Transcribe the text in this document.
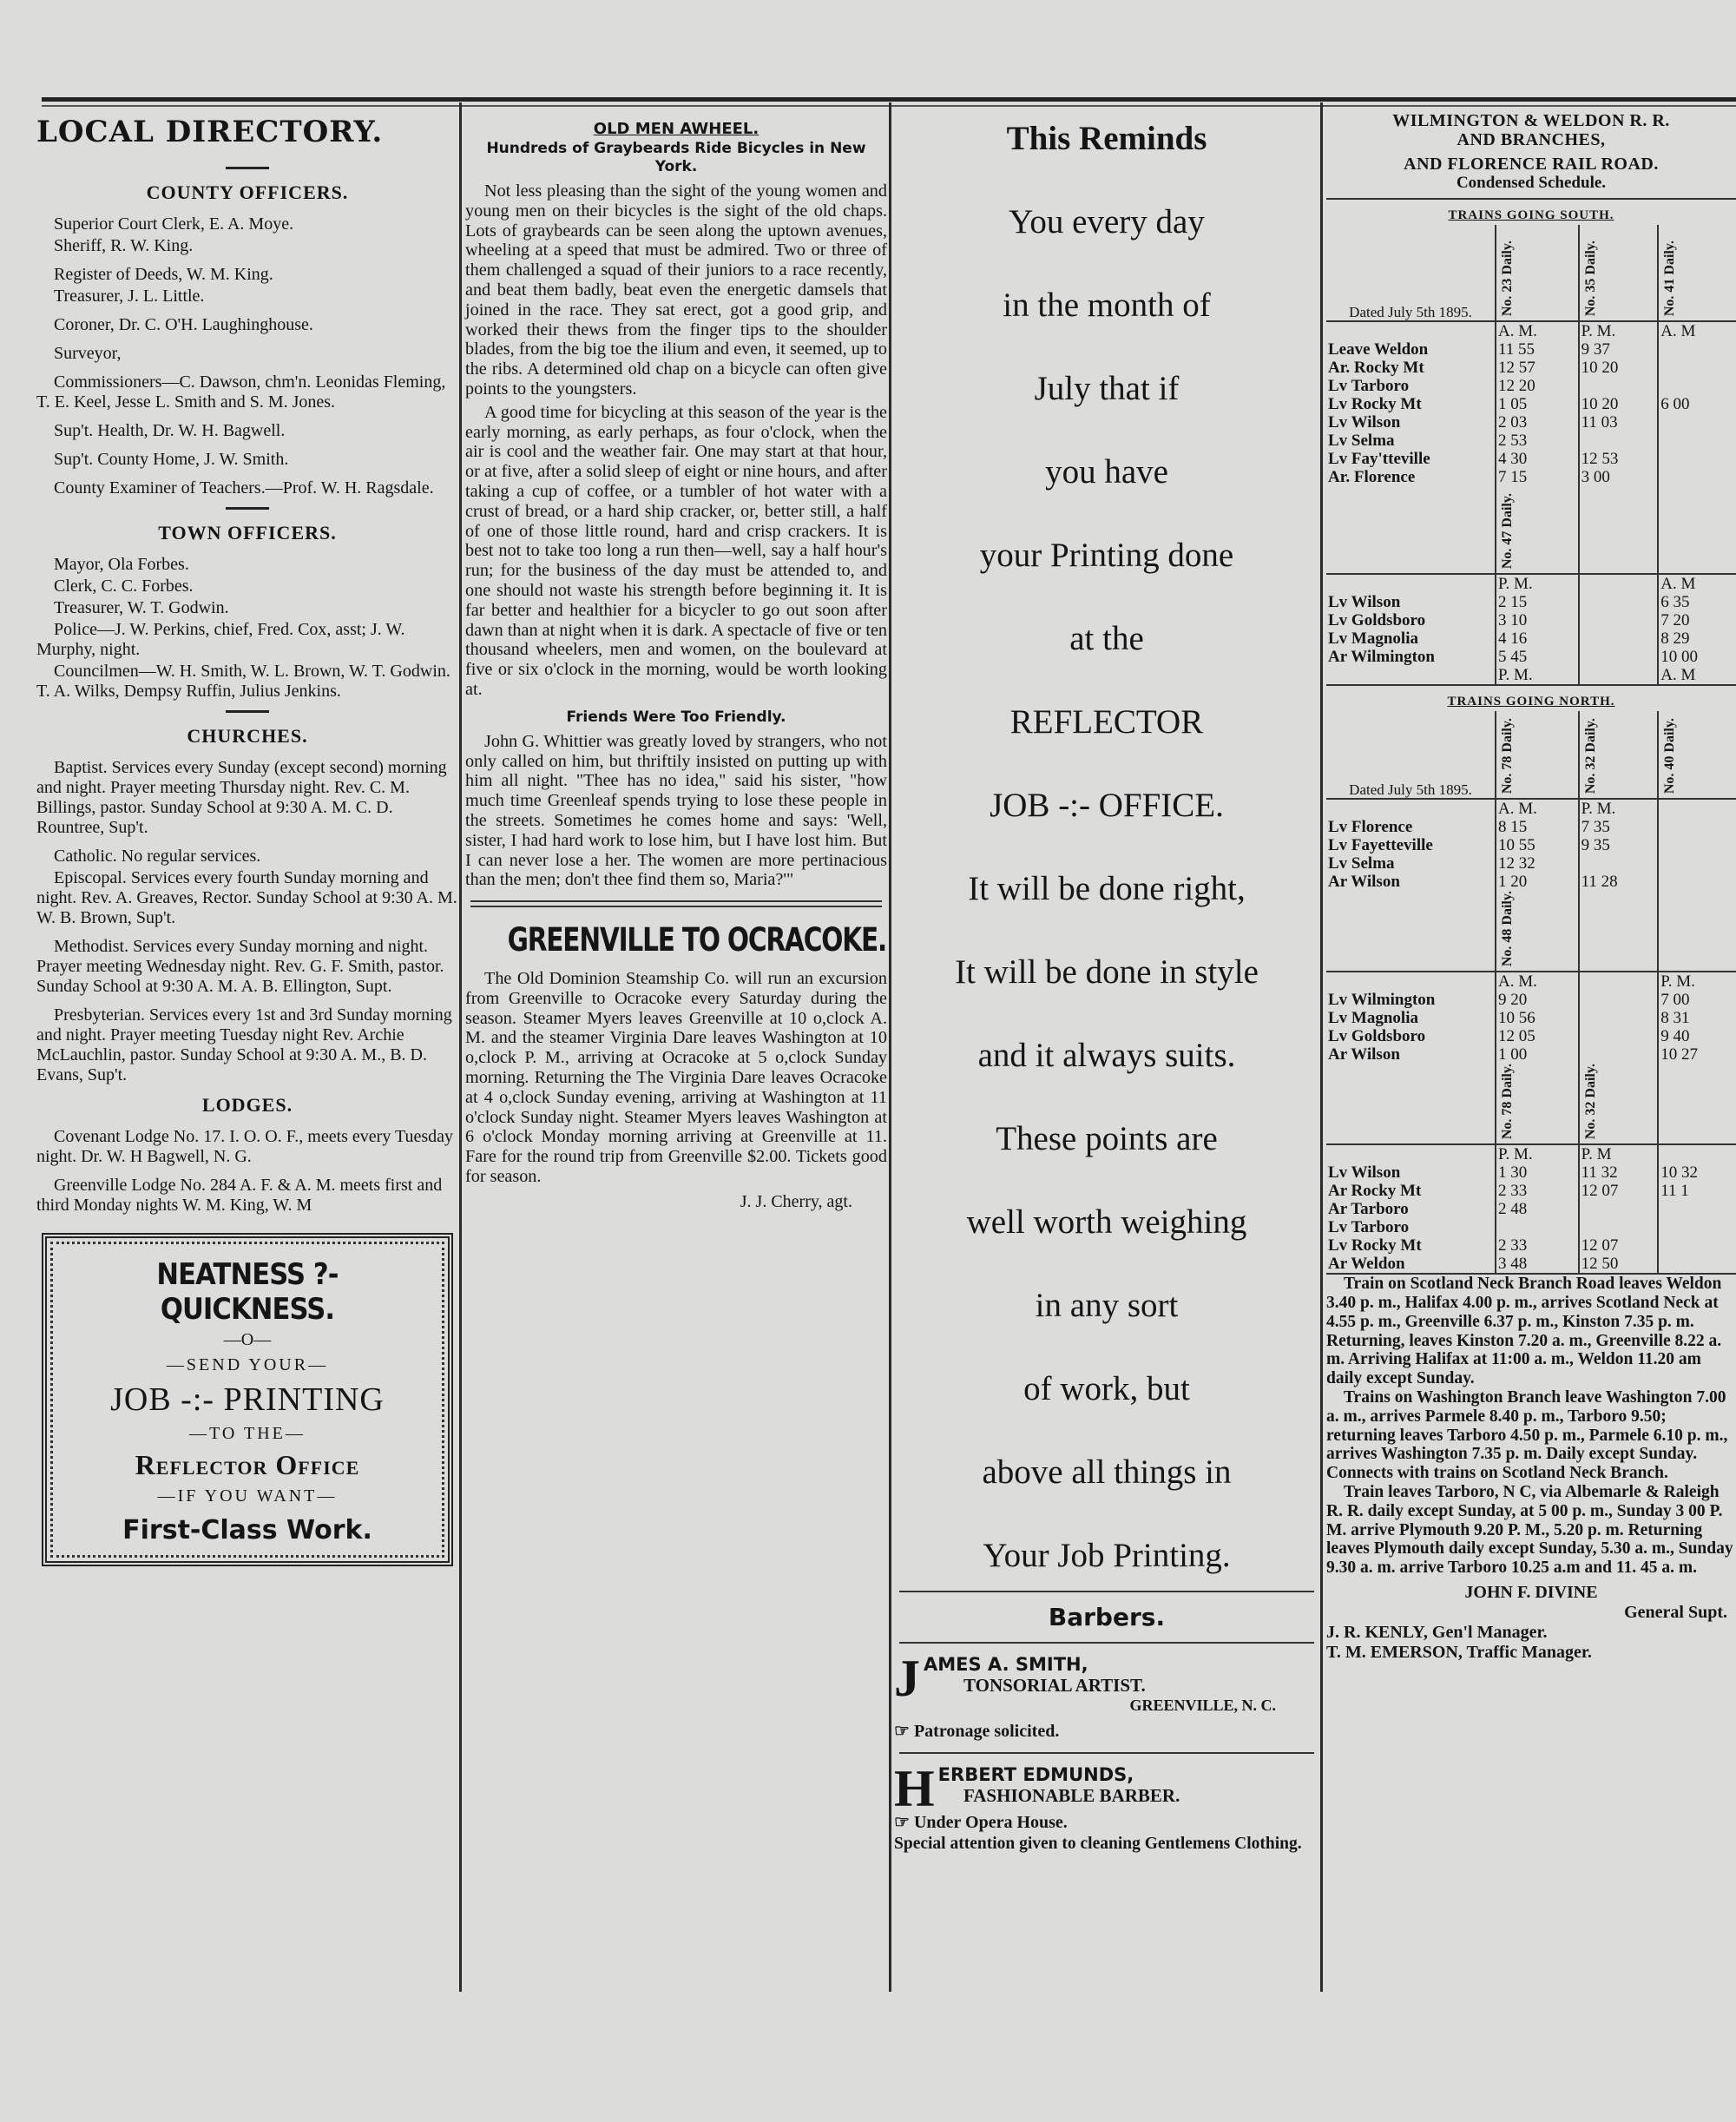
LOCAL DIRECTORY.
COUNTY OFFICERS.

Superior Court Clerk, E. A. Moye.

Sheriff, R. W. King.

Register of Deeds, W. M. King.

Treasurer, J. L. Little.

Coroner, Dr. C. O'H. Laughinghouse.

Surveyor,

Commissioners—C. Dawson, chm'n. Leonidas Fleming, T. E. Keel, Jesse L. Smith and S. M. Jones.

Sup't. Health, Dr. W. H. Bagwell.

Sup't. County Home, J. W. Smith.

County Examiner of Teachers.—Prof. W. H. Ragsdale.

TOWN OFFICERS.

Mayor, Ola Forbes.

Clerk, C. C. Forbes.

Treasurer, W. T. Godwin.

Police—J. W. Perkins, chief, Fred. Cox, asst; J. W. Murphy, night.

Councilmen—W. H. Smith, W. L. Brown, W. T. Godwin. T. A. Wilks, Dempsy Ruffin, Julius Jenkins.

CHURCHES.

Baptist. Services every Sunday (except second) morning and night. Prayer meeting Thursday night. Rev. C. M. Billings, pastor. Sunday School at 9:30 A. M. C. D. Rountree, Sup't.

Catholic. No regular services.

Episcopal. Services every fourth Sunday morning and night. Rev. A. Greaves, Rector. Sunday School at 9:30 A. M. W. B. Brown, Sup't.

Methodist. Services every Sunday morning and night. Prayer meeting Wednesday night. Rev. G. F. Smith, pastor. Sunday School at 9:30 A. M. A. B. Ellington, Supt.

Presbyterian. Services every 1st and 3rd Sunday morning and night. Prayer meeting Tuesday night Rev. Archie McLauchlin, pastor. Sunday School at 9:30 A. M., B. D. Evans, Sup't.

LODGES.

Covenant Lodge No. 17. I. O. O. F., meets every Tuesday night. Dr. W. H Bagwell, N. G.

Greenville Lodge No. 284 A. F. & A. M. meets first and third Monday nights W. M. King, W. M

NEATNESS ?-QUICKNESS.
—O—
—SEND YOUR—
JOB -:- PRINTING
—TO THE—
Reflector Office
—IF YOU WANT—
First-Class Work.
OLD MEN AWHEEL.
Hundreds of Graybeards Ride Bicycles in New York.

Not less pleasing than the sight of the young women and young men on their bicycles is the sight of the old chaps. Lots of graybeards can be seen along the uptown avenues, wheeling at a speed that must be admired. Two or three of them challenged a squad of their juniors to a race recently, and beat them badly, beat even the energetic damsels that joined in the race. They sat erect, got a good grip, and worked their thews from the finger tips to the shoulder blades, from the big toe the ilium and even, it seemed, up to the ribs. A determined old chap on a bicycle can often give points to the youngsters.

A good time for bicycling at this season of the year is the early morning, as early perhaps, as four o'clock, when the air is cool and the weather fair. One may start at that hour, or at five, after a solid sleep of eight or nine hours, and after taking a cup of coffee, or a tumbler of hot water with a crust of bread, or a hard ship cracker, or, better still, a half of one of those little round, hard and crisp crackers. It is best not to take too long a run then—well, say a half hour's run; for the business of the day must be attended to, and one should not waste his strength before beginning it. It is far better and healthier for a bicycler to go out soon after dawn than at night when it is dark. A spectacle of five or ten thousand wheelers, men and women, on the boulevard at five or six o'clock in the morning, would be worth looking at.

Friends Were Too Friendly.

John G. Whittier was greatly loved by strangers, who not only called on him, but thriftily insisted on putting up with him all night. "Thee has no idea," said his sister, "how much time Greenleaf spends trying to lose these people in the streets. Sometimes he comes home and says: 'Well, sister, I had hard work to lose him, but I have lost him. But I can never lose a her. The women are more pertinacious than the men; don't thee find them so, Maria?'"

GREENVILLE TO OCRACOKE.

The Old Dominion Steamship Co. will run an excursion from Greenville to Ocracoke every Saturday during the season. Steamer Myers leaves Greenville at 10 o,clock A. M. and the steamer Virginia Dare leaves Washington at 10 o,clock P. M., arriving at Ocracoke at 5 o,clock Sunday morning. Returning the The Virginia Dare leaves Ocracoke at 4 o,clock Sunday evening, arriving at Washington at 11 o'clock Sunday night. Steamer Myers leaves Washington at 6 o'clock Monday morning arriving at Greenville at 11. Fare for the round trip from Greenville $2.00. Tickets good for season.

J. J. Cherry, agt.

This Reminds

You every day

in the month of

July that if

you have

your Printing done

at the

REFLECTOR

JOB -:- OFFICE.

It will be done right,

It will be done in style

and it always suits.

These points are

well worth weighing

in any sort

of work, but

above all things in

Your Job Printing.

Barbers.
J AMES A. SMITH,
TONSORIAL ARTIST.
GREENVILLE, N. C.
☞ Patronage solicited.
H ERBERT EDMUNDS,
FASHIONABLE BARBER.
☞ Under Opera House.
Special attention given to cleaning Gentlemens Clothing.
WILMINGTON & WELDON R. R.
AND BRANCHES,
AND FLORENCE RAIL ROAD.
Condensed Schedule.
TRAINS GOING SOUTH.
Dated July 5th 1895.	No. 23 Daily.	No. 35 Daily.	No. 41 Daily.
	A. M.	P. M.	A. M
Leave Weldon	11 55	9 37	
Ar. Rocky Mt	12 57	10 20	
Lv Tarboro	12 20		
Lv Rocky Mt	1 05	10 20	6 00
Lv Wilson	2 03	11 03	
Lv Selma	2 53		
Lv Fay'tteville	4 30	12 53	
Ar. Florence	7 15	3 00	
	No. 47 Daily.		
	P. M.		A. M
Lv Wilson	2 15		6 35
Lv Goldsboro	3 10		7 20
Lv Magnolia	4 16		8 29
Ar Wilmington	5 45		10 00
	P. M.		A. M
TRAINS GOING NORTH.
Dated July 5th 1895.	No. 78 Daily.	No. 32 Daily.	No. 40 Daily.
	A. M.	P. M.	
Lv Florence	8 15	7 35	
Lv Fayetteville	10 55	9 35	
Lv Selma	12 32		
Ar Wilson	1 20	11 28	
	No. 48 Daily.		
	A. M.		P. M.
Lv Wilmington	9 20		7 00
Lv Magnolia	10 56		8 31
Lv Goldsboro	12 05		9 40
Ar Wilson	1 00		10 27
	No. 78 Daily.	No. 32 Daily.	
	P. M.	P. M	
Lv Wilson	1 30	11 32	10 32
Ar Rocky Mt	2 33	12 07	11 1
Ar Tarboro	2 48		
Lv Tarboro			
Lv Rocky Mt	2 33	12 07	
Ar Weldon	3 48	12 50	

Train on Scotland Neck Branch Road leaves Weldon 3.40 p. m., Halifax 4.00 p. m., arrives Scotland Neck at 4.55 p. m., Greenville 6.37 p. m., Kinston 7.35 p. m. Returning, leaves Kinston 7.20 a. m., Greenville 8.22 a. m. Arriving Halifax at 11:00 a. m., Weldon 11.20 am daily except Sunday.

Trains on Washington Branch leave Washington 7.00 a. m., arrives Parmele 8.40 p. m., Tarboro 9.50; returning leaves Tarboro 4.50 p. m., Parmele 6.10 p. m., arrives Washington 7.35 p. m. Daily except Sunday. Connects with trains on Scotland Neck Branch.

Train leaves Tarboro, N C, via Albemarle & Raleigh R. R. daily except Sunday, at 5 00 p. m., Sunday 3 00 P. M. arrive Plymouth 9.20 P. M., 5.20 p. m. Returning leaves Plymouth daily except Sunday, 5.30 a. m., Sunday 9.30 a. m. arrive Tarboro 10.25 a.m and 11. 45 a. m.

JOHN F. DIVINE
General Supt.
J. R. KENLY, Gen'l Manager.
T. M. EMERSON, Traffic Manager.
